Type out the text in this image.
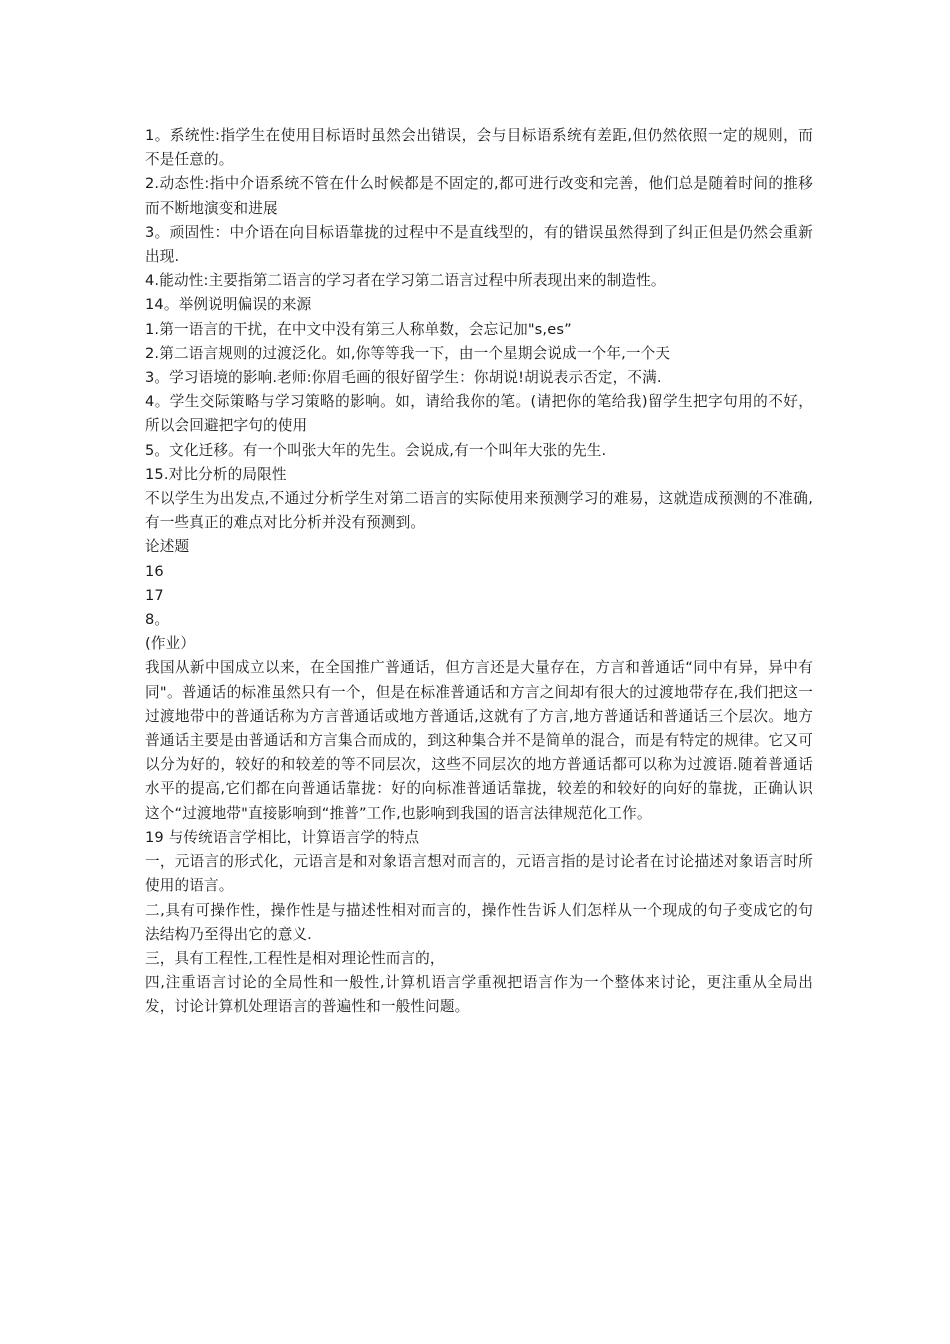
1。系统性:指学生在使用目标语时虽然会出错误，会与目标语系统有差距,但仍然依照一定的规则，而不是任意的。

2.动态性:指中介语系统不管在什么时候都是不固定的,都可进行改变和完善，他们总是随着时间的推移而不断地演变和进展

3。顽固性：中介语在向目标语靠拢的过程中不是直线型的，有的错误虽然得到了纠正但是仍然会重新出现.

4.能动性:主要指第二语言的学习者在学习第二语言过程中所表现出来的制造性。

14。举例说明偏误的来源

1.第一语言的干扰，在中文中没有第三人称单数，会忘记加"s,es”

2.第二语言规则的过渡泛化。如,你等等我一下，由一个星期会说成一个年,一个天

3。学习语境的影响.老师:你眉毛画的很好留学生：你胡说!胡说表示否定，不满.

4。学生交际策略与学习策略的影响。如，请给我你的笔。(请把你的笔给我)留学生把字句用的不好，所以会回避把字句的使用

5。文化迁移。有一个叫张大年的先生。会说成,有一个叫年大张的先生.

15.对比分析的局限性

不以学生为出发点,不通过分析学生对第二语言的实际使用来预测学习的难易，这就造成预测的不准确,有一些真正的难点对比分析并没有预测到。

论述题

16

17

8。

(作业）

我国从新中国成立以来，在全国推广普通话，但方言还是大量存在，方言和普通话“同中有异，异中有同"。普通话的标准虽然只有一个，但是在标准普通话和方言之间却有很大的过渡地带存在,我们把这一过渡地带中的普通话称为方言普通话或地方普通话,这就有了方言,地方普通话和普通话三个层次。地方普通话主要是由普通话和方言集合而成的，到这种集合并不是简单的混合，而是有特定的规律。它又可以分为好的，较好的和较差的等不同层次，这些不同层次的地方普通话都可以称为过渡语.随着普通话水平的提高,它们都在向普通话靠拢：好的向标准普通话靠拢，较差的和较好的向好的靠拢，正确认识这个“过渡地带"直接影响到“推普”工作,也影响到我国的语言法律规范化工作。

19 与传统语言学相比，计算语言学的特点

一，元语言的形式化，元语言是和对象语言想对而言的，元语言指的是讨论者在讨论描述对象语言时所使用的语言。

二,具有可操作性，操作性是与描述性相对而言的，操作性告诉人们怎样从一个现成的句子变成它的句法结构乃至得出它的意义.

三，具有工程性,工程性是相对理论性而言的，

四,注重语言讨论的全局性和一般性,计算机语言学重视把语言作为一个整体来讨论，更注重从全局出发，讨论计算机处理语言的普遍性和一般性问题。
